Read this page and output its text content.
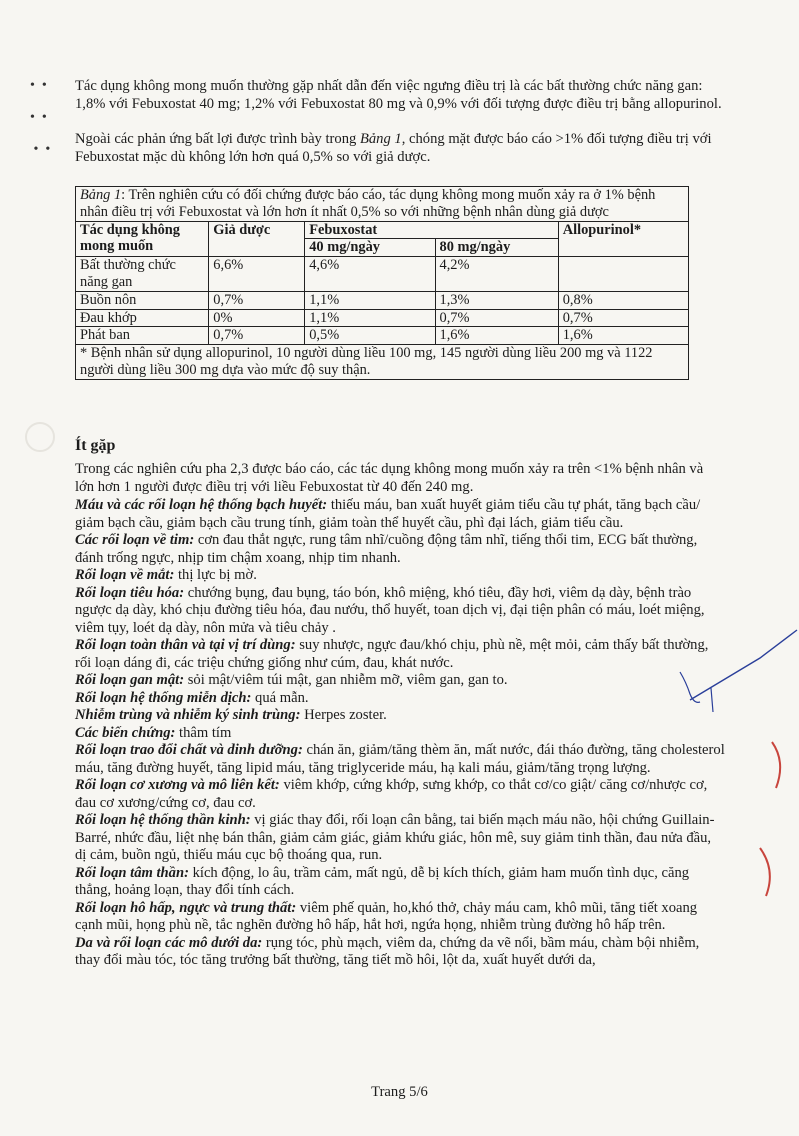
•  •

•  •

•  •
Tác dụng không mong muốn thường gặp nhất dẫn đến việc ngưng điều trị là các bất thường chức năng gan: 1,8% với Febuxostat 40 mg; 1,2% với Febuxostat 80 mg và 0,9% với đối tượng được điều trị bằng allopurinol.
Ngoài các phản ứng bất lợi được trình bày trong Bảng 1, chóng mặt được báo cáo >1% đối tượng điều trị với Febuxostat mặc dù không lớn hơn quá 0,5% so với giả dược.
Bảng 1: Trên nghiên cứu có đối chứng được báo cáo, tác dụng không mong muốn xảy ra ở 1% bệnh nhân điều trị với Febuxostat và lớn hơn ít nhất 0,5% so với những bệnh nhân dùng giả dược				
Tác dụng không mong muốn	Giả dược	Febuxostat		Allopurinol*
		40 mg/ngày	80 mg/ngày	
Bất thường chức năng gan	6,6%	4,6%	4,2%	
Buồn nôn	0,7%	1,1%	1,3%	0,8%
Đau khớp	0%	1,1%	0,7%	0,7%
Phát ban	0,7%	0,5%	1,6%	1,6%
* Bệnh nhân sử dụng allopurinol, 10 người dùng liều 100 mg, 145 người dùng liều 200 mg và 1122 người dùng liều 300 mg dựa vào mức độ suy thận.				
Ít gặp
Trong các nghiên cứu pha 2,3 được báo cáo, các tác dụng không mong muốn xảy ra trên <1% bệnh nhân và lớn hơn 1 người được điều trị với liều Febuxostat từ 40 đến 240 mg.
Máu và các rối loạn hệ thống bạch huyết: thiếu máu, ban xuất huyết giảm tiểu cầu tự phát, tăng bạch cầu/ giảm bạch cầu, giảm bạch cầu trung tính, giảm toàn thể huyết cầu, phì đại lách, giảm tiểu cầu.
Các rối loạn về tim: cơn đau thắt ngực, rung tâm nhĩ/cuồng động tâm nhĩ, tiếng thổi tim, ECG bất thường, đánh trống ngực, nhịp tim chậm xoang, nhịp tim nhanh.
Rối loạn về mắt: thị lực bị mờ.
Rối loạn tiêu hóa: chướng bụng, đau bụng, táo bón, khô miệng, khó tiêu, đầy hơi, viêm dạ dày, bệnh trào ngược dạ dày, khó chịu đường tiêu hóa, đau nướu, thổ huyết, toan dịch vị, đại tiện phân có máu, loét miệng, viêm tụy, loét dạ dày, nôn mửa và tiêu chảy .
Rối loạn toàn thân và tại vị trí dùng: suy nhược, ngực đau/khó chịu, phù nề, mệt mỏi, cảm thấy bất thường, rối loạn dáng đi, các triệu chứng giống như cúm, đau, khát nước.
Rối loạn gan mật: sỏi mật/viêm túi mật, gan nhiễm mỡ, viêm gan, gan to.
Rối loạn hệ thống miễn dịch: quá mẫn.
Nhiễm trùng và nhiễm ký sinh trùng: Herpes zoster.
Các biến chứng: thâm tím
Rối loạn trao đổi chất và dinh dưỡng: chán ăn, giảm/tăng thèm ăn, mất nước, đái tháo đường, tăng cholesterol máu, tăng đường huyết, tăng lipid máu, tăng triglyceride máu, hạ kali máu, giảm/tăng trọng lượng.
Rối loạn cơ xương và mô liên kết: viêm khớp, cứng khớp, sưng khớp, co thắt cơ/co giật/ căng cơ/nhược cơ, đau cơ xương/cứng cơ, đau cơ.
Rối loạn hệ thống thần kinh: vị giác thay đổi, rối loạn cân bằng, tai biến mạch máu não, hội chứng Guillain-Barré, nhức đầu, liệt nhẹ bán thân, giảm cảm giác, giảm khứu giác, hôn mê, suy giảm tinh thần, đau nửa đầu, dị cảm, buồn ngủ, thiếu máu cục bộ thoáng qua, run.
Rối loạn tâm thần: kích động, lo âu, trầm cảm, mất ngủ, dễ bị kích thích, giảm ham muốn tình dục, căng thẳng, hoảng loạn, thay đổi tính cách.
Rối loạn hô hấp, ngực và trung thất: viêm phế quản, ho,khó thở, chảy máu cam, khô mũi, tăng tiết xoang cạnh mũi, họng phù nề, tắc nghẽn đường hô hấp, hắt hơi, ngứa họng, nhiễm trùng đường hô hấp trên.
Da và rối loạn các mô dưới da: rụng tóc, phù mạch, viêm da, chứng da vẽ nổi, bầm máu, chàm bội nhiễm, thay đổi màu tóc, tóc tăng trưởng bất thường, tăng tiết mồ hôi, lột da, xuất huyết dưới da,
Trang 5/6
